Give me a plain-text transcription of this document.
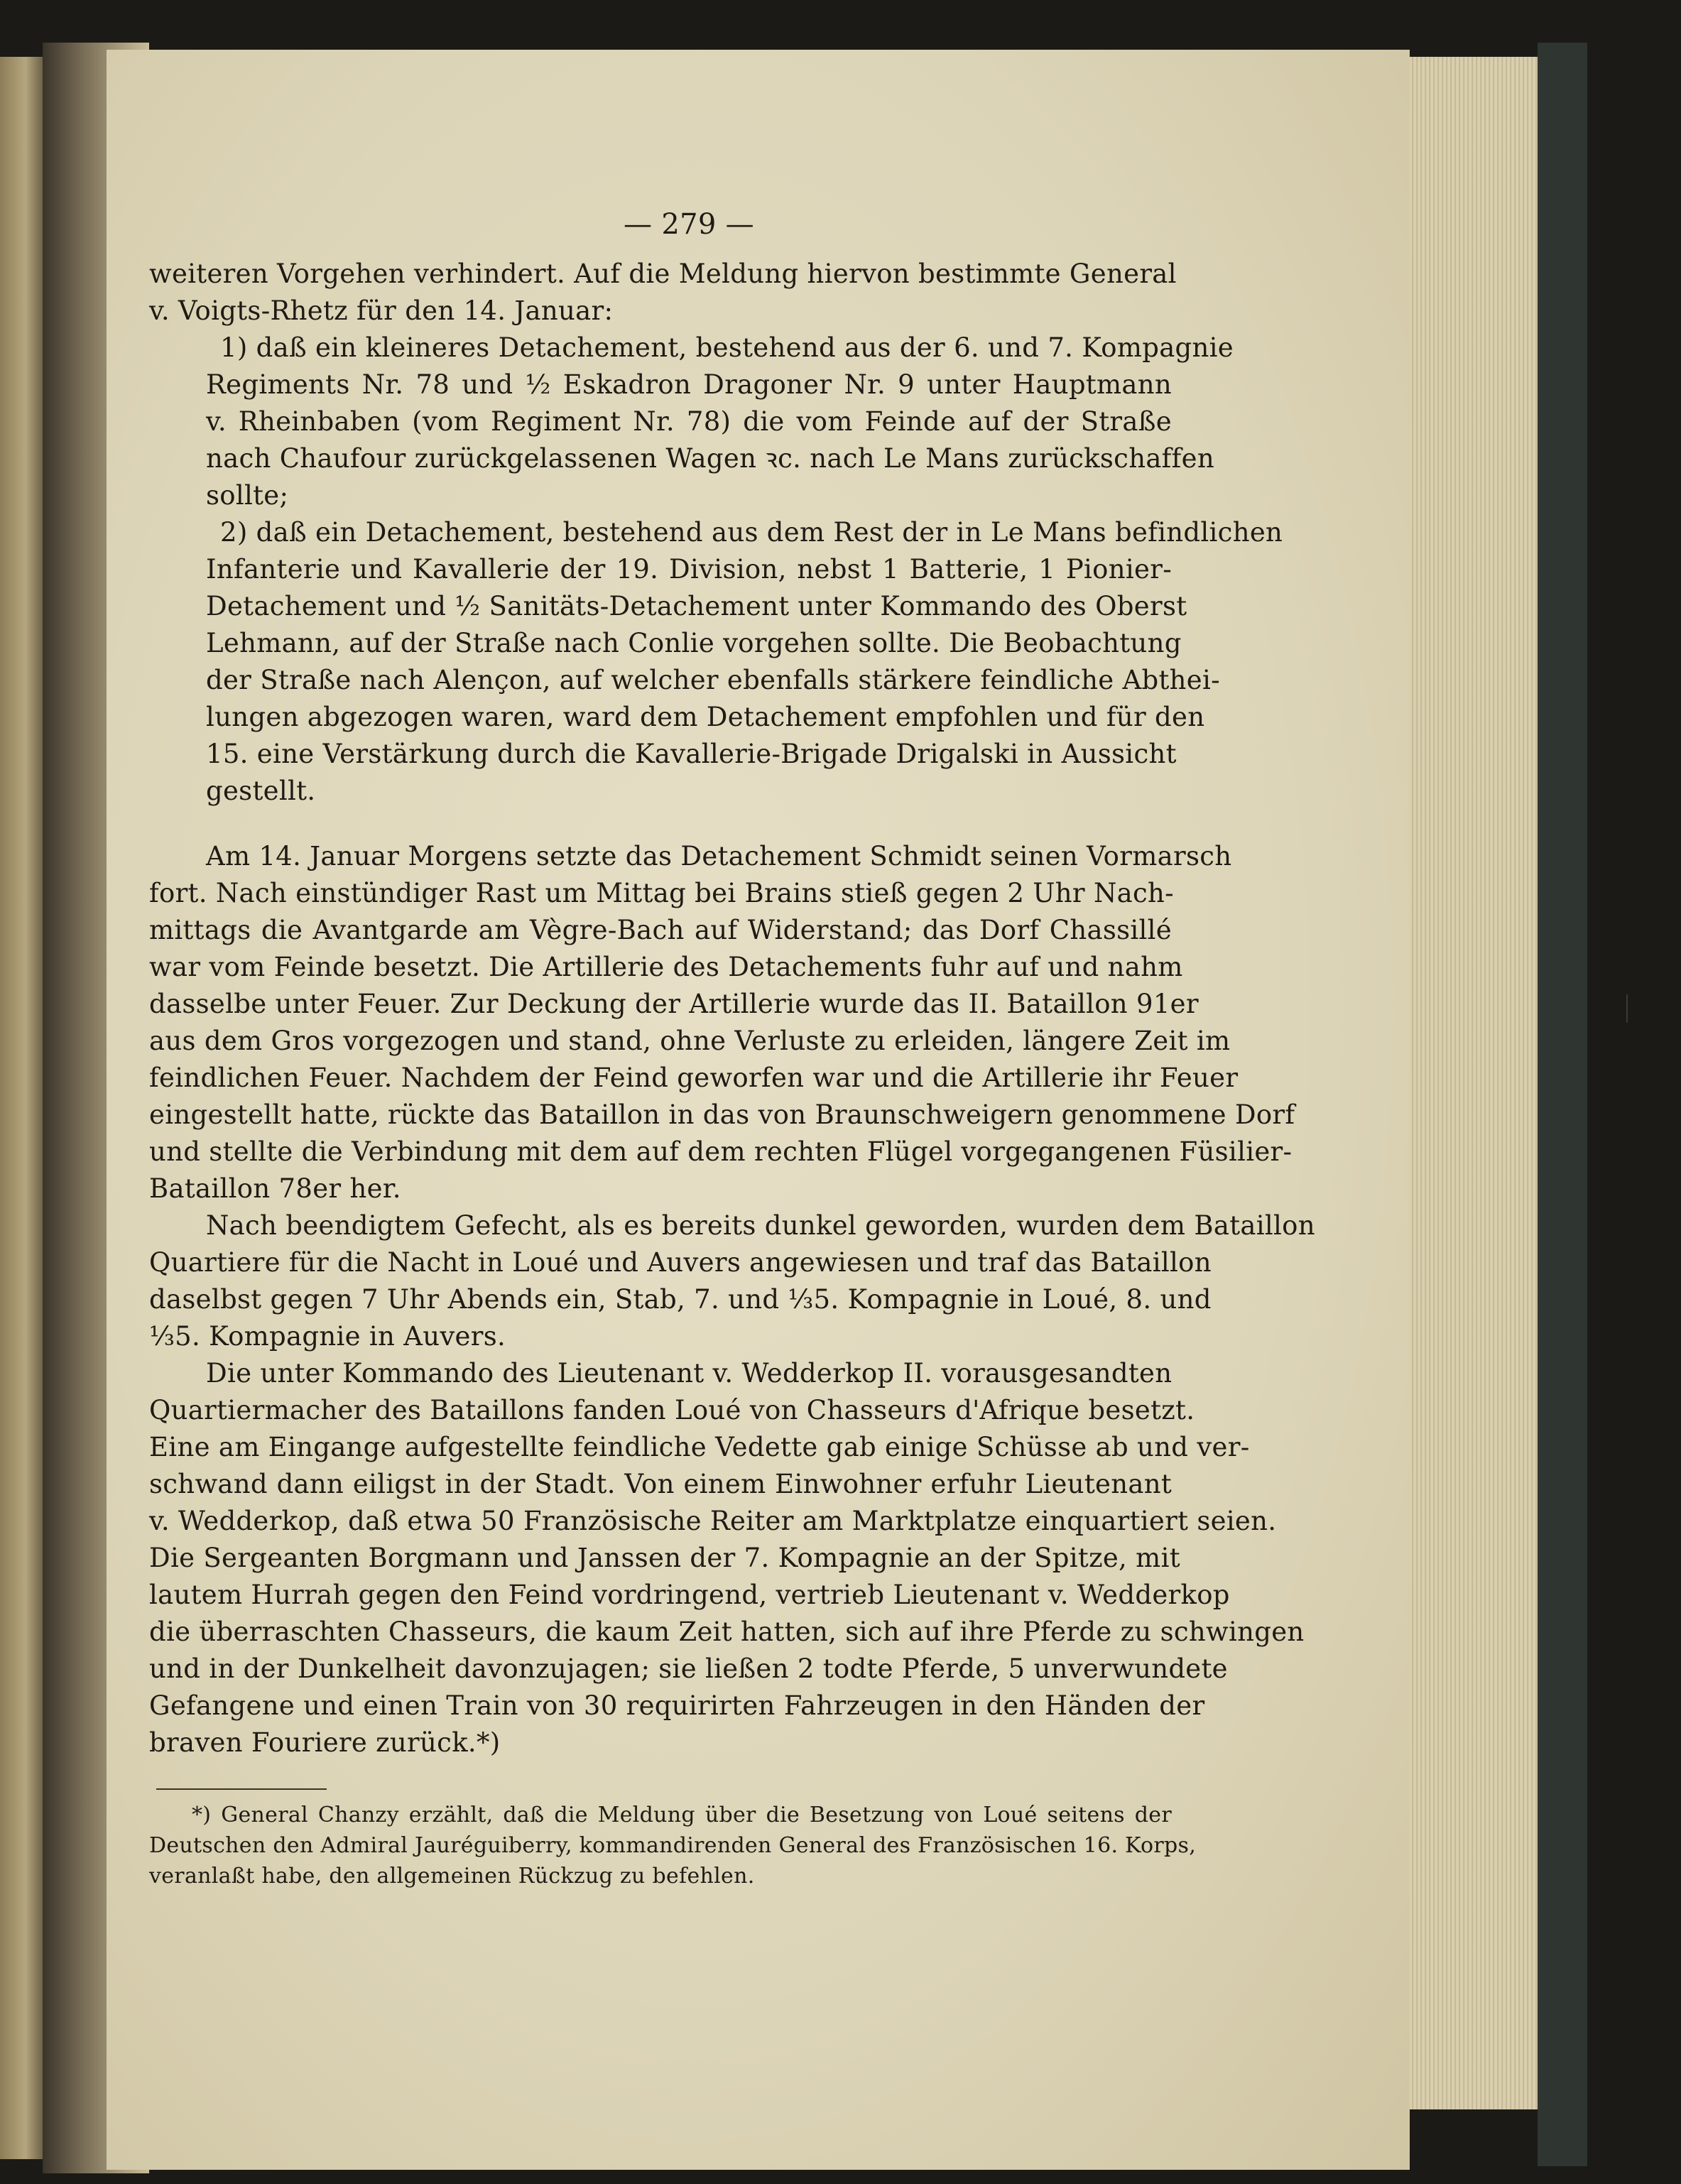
— 279 —
weiteren Vorgehen verhindert. Auf die Meldung hiervon bestimmte General
v. Voigts-Rhetz für den 14. Januar:
1) daß ein kleineres Detachement, bestehend aus der 6. und 7. Kompagnie
Regiments Nr. 78 und ½ Eskadron Dragoner Nr. 9 unter Hauptmann
v. Rheinbaben (vom Regiment Nr. 78) die vom Feinde auf der Straße
nach Chaufour zurückgelassenen Wagen ꝛc. nach Le Mans zurückschaffen
sollte;
2) daß ein Detachement, bestehend aus dem Rest der in Le Mans befindlichen
Infanterie und Kavallerie der 19. Division, nebst 1 Batterie, 1 Pionier-
Detachement und ½ Sanitäts-Detachement unter Kommando des Oberst
Lehmann, auf der Straße nach Conlie vorgehen sollte. Die Beobachtung
der Straße nach Alençon, auf welcher ebenfalls stärkere feindliche Abthei-
lungen abgezogen waren, ward dem Detachement empfohlen und für den
15. eine Verstärkung durch die Kavallerie-Brigade Drigalski in Aussicht
gestellt.
Am 14. Januar Morgens setzte das Detachement Schmidt seinen Vormarsch
fort. Nach einstündiger Rast um Mittag bei Brains stieß gegen 2 Uhr Nach-
mittags die Avantgarde am Vègre-Bach auf Widerstand; das Dorf Chassillé
war vom Feinde besetzt. Die Artillerie des Detachements fuhr auf und nahm
dasselbe unter Feuer. Zur Deckung der Artillerie wurde das II. Bataillon 91er
aus dem Gros vorgezogen und stand, ohne Verluste zu erleiden, längere Zeit im
feindlichen Feuer. Nachdem der Feind geworfen war und die Artillerie ihr Feuer
eingestellt hatte, rückte das Bataillon in das von Braunschweigern genommene Dorf
und stellte die Verbindung mit dem auf dem rechten Flügel vorgegangenen Füsilier-
Bataillon 78er her.
Nach beendigtem Gefecht, als es bereits dunkel geworden, wurden dem Bataillon
Quartiere für die Nacht in Loué und Auvers angewiesen und traf das Bataillon
daselbst gegen 7 Uhr Abends ein, Stab, 7. und ⅓5. Kompagnie in Loué, 8. und
⅓5. Kompagnie in Auvers.
Die unter Kommando des Lieutenant v. Wedderkop II. vorausgesandten
Quartiermacher des Bataillons fanden Loué von Chasseurs d'Afrique besetzt.
Eine am Eingange aufgestellte feindliche Vedette gab einige Schüsse ab und ver-
schwand dann eiligst in der Stadt. Von einem Einwohner erfuhr Lieutenant
v. Wedderkop, daß etwa 50 Französische Reiter am Marktplatze einquartiert seien.
Die Sergeanten Borgmann und Janssen der 7. Kompagnie an der Spitze, mit
lautem Hurrah gegen den Feind vordringend, vertrieb Lieutenant v. Wedderkop
die überraschten Chasseurs, die kaum Zeit hatten, sich auf ihre Pferde zu schwingen
und in der Dunkelheit davonzujagen; sie ließen 2 todte Pferde, 5 unverwundete
Gefangene und einen Train von 30 requirirten Fahrzeugen in den Händen der
braven Fouriere zurück.*)
*) General Chanzy erzählt, daß die Meldung über die Besetzung von Loué seitens der
Deutschen den Admiral Jauréguiberry, kommandirenden General des Französischen 16. Korps,
veranlaßt habe, den allgemeinen Rückzug zu befehlen.
